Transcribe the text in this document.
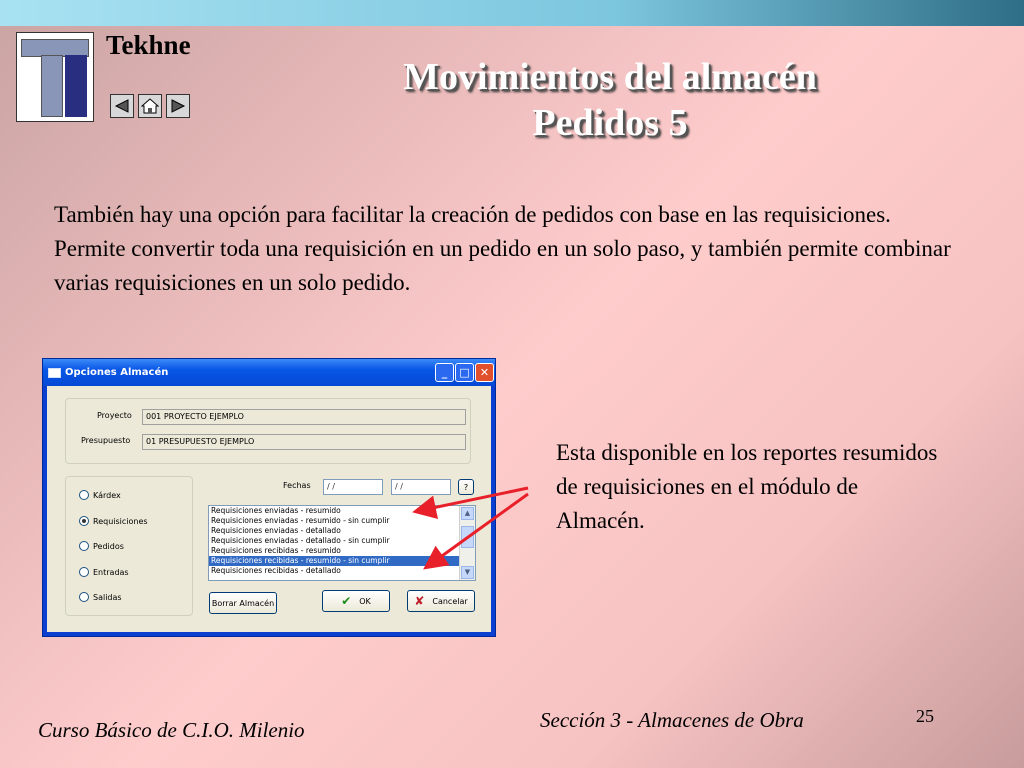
Tekhne
Movimientos del almacén
Pedidos 5
También hay una opción para facilitar la creación de pedidos con base en las requisiciones. Permite convertir toda una requisición en un pedido en un solo paso, y también permite combinar varias requisiciones en un solo pedido.
Opciones Almacén	_	□ ✕
Proyecto	001 PROYECTO EJEMPLO
Presupuesto	01 PRESUPUESTO EJEMPLO
Kárdex
Requisiciones
Pedidos
Entradas
Salidas
Fechas	/ /	/ /	?
Requisiciones enviadas - resumido
Requisiciones enviadas - resumido - sin cumplir
Requisiciones enviadas - detallado
Requisiciones enviadas - detallado - sin cumplir
Requisiciones recibidas - resumido
Requisiciones recibidas - resumido - sin cumplir
Requisiciones recibidas - detallado
▲
▼
Borrar Almacén	✔ OK	✘ Cancelar
Esta disponible en los reportes resumidos de requisiciones en el módulo de Almacén.
Curso Básico de C.I.O. Milenio	Sección 3 - Almacenes de Obra	25
